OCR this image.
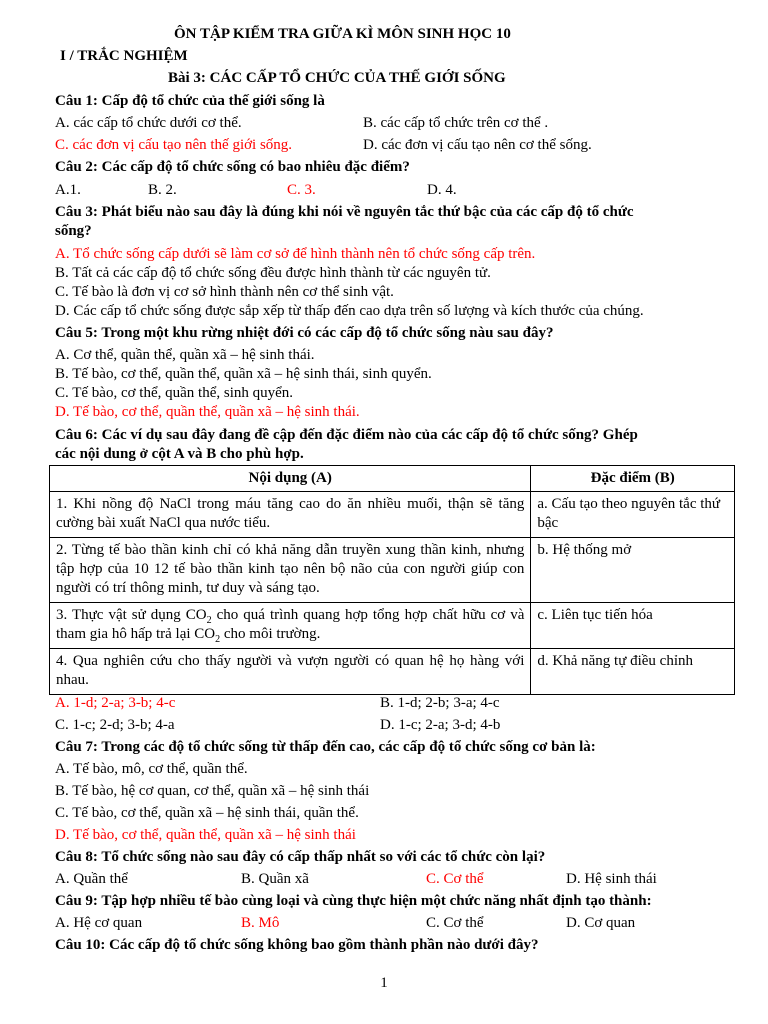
ÔN TẬP KIỂM TRA GIỮA KÌ MÔN SINH HỌC 10
I / TRẮC NGHIỆM
Bài 3: CÁC CẤP TỔ CHỨC CỦA THẾ GIỚI SỐNG
Câu 1: Cấp độ tổ chức của thế giới sống là
A. các cấp tổ chức dưới cơ thể.	B. các cấp tổ chức trên cơ thể .
C. các đơn vị cấu tạo nên thế giới sống.	D. các đơn vị cấu tạo nên cơ thể sống.
Câu 2: Các cấp độ tổ chức sống có bao nhiêu đặc điểm?
A.1.	B. 2.	C. 3.	D. 4.
Câu 3: Phát biểu nào sau đây là đúng khi nói về nguyên tắc thứ bậc của các cấp độ tổ chức
sống?
A. Tổ chức sống cấp dưới sẽ làm cơ sở để hình thành nên tổ chức sống cấp trên.
B. Tất cả các cấp độ tổ chức sống đều được hình thành từ các nguyên tử.
C. Tế bào là đơn vị cơ sở hình thành nên cơ thể sinh vật.
D. Các cấp tổ chức sống được sắp xếp từ thấp đến cao dựa trên số lượng và kích thước của chúng.
Câu 5: Trong một khu rừng nhiệt đới có các cấp độ tổ chức sống nàu sau đây?
A. Cơ thể, quần thể, quần xã – hệ sinh thái.
B. Tế bào, cơ thể, quần thể, quần xã – hệ sinh thái, sinh quyển.
C. Tế bào, cơ thể, quần thể, sinh quyển.
D. Tế bào, cơ thể, quần thể, quần xã – hệ sinh thái.
Câu 6: Các ví dụ sau đây đang đề cập đến đặc điểm nào của các cấp độ tổ chức sống? Ghép
các nội dung ở cột A và B cho phù hợp.
Nội dụng (A)	Đặc điểm (B)
1. Khi nồng độ NaCl trong máu tăng cao do ăn nhiều muối, thận sẽ tăng cường bài xuất NaCl qua nước tiểu.	a. Cấu tạo theo nguyên tắc thứ bậc
2. Từng tế bào thần kinh chỉ có khả năng dẫn truyền xung thần kinh, nhưng tập hợp của 10 12 tế bào thần kinh tạo nên bộ não của con người giúp con người có trí thông minh, tư duy và sáng tạo.	b. Hệ thống mở
3. Thực vật sử dụng $CO_2$ cho quá trình quang hợp tổng hợp chất hữu cơ và tham gia hô hấp trả lại $CO_2$ cho môi trường.	c. Liên tục tiến hóa
4. Qua nghiên cứu cho thấy người và vượn người có quan hệ họ hàng với nhau.	d. Khả năng tự điều chỉnh
A. 1-d; 2-a; 3-b; 4-c	B. 1-d; 2-b; 3-a; 4-c
C. 1-c; 2-d; 3-b; 4-a	D. 1-c; 2-a; 3-d; 4-b
Câu 7: Trong các độ tổ chức sống từ thấp đến cao, các cấp độ tổ chức sống cơ bản là:
A. Tế bào, mô, cơ thể, quần thể.
B. Tế bào, hệ cơ quan, cơ thể, quần xã – hệ sinh thái
C. Tế bào, cơ thể, quần xã – hệ sinh thái, quần thể.
D. Tế bào, cơ thể, quần thể, quần xã – hệ sinh thái
Câu 8: Tổ chức sống nào sau đây có cấp thấp nhất so với các tổ chức còn lại?
A. Quần thể	B. Quần xã	C. Cơ thể	D. Hệ sinh thái
Câu 9: Tập hợp nhiều tế bào cùng loại và cùng thực hiện một chức năng nhất định tạo thành:
A. Hệ cơ quan	B. Mô	C. Cơ thể	D. Cơ quan
Câu 10: Các cấp độ tổ chức sống không bao gồm thành phần nào dưới đây?
1
